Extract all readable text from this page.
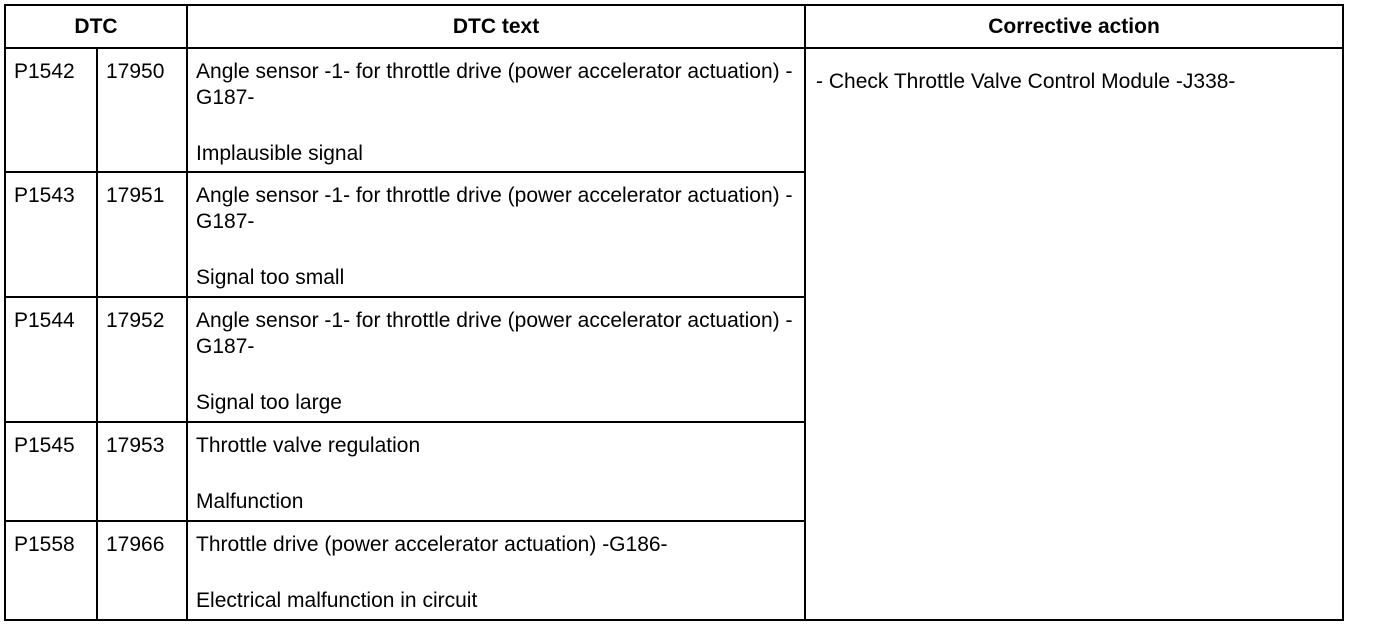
DTC		DTC text	Corrective action
P1542	17950	Angle sensor -1- for throttle drive (power accelerator actuation) -G187-
Implausible signal	- Check Throttle Valve Control Module -J338-
P1543	17951	Angle sensor -1- for throttle drive (power accelerator actuation) -G187-
Signal too small	

P1544	17952	Angle sensor -1- for throttle drive (power accelerator actuation) -G187-
Signal too large	

P1545	17953	Throttle valve regulation
Malfunction	

P1558	17966	Throttle drive (power accelerator actuation) -G186-
Electrical malfunction in circuit	
